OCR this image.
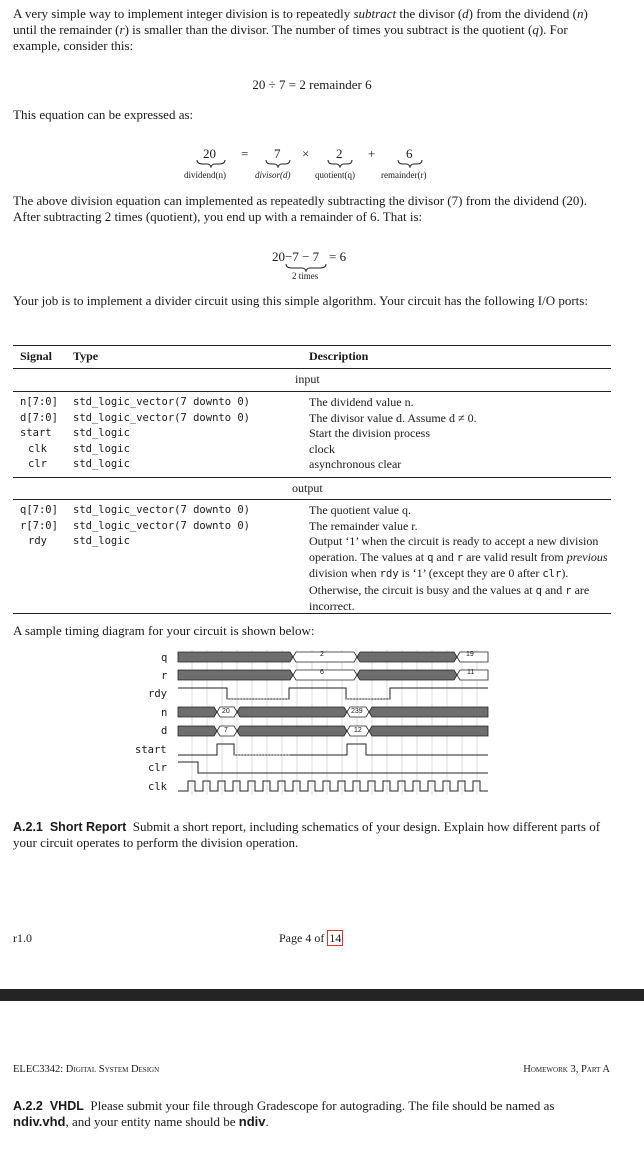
A very simple way to implement integer division is to repeatedly subtract the divisor (d) from the dividend (n) until the remainder (r) is smaller than the divisor. The number of times you subtract is the quotient (q). For example, consider this:
20 ÷ 7 = 2 remainder 6
This equation can be expressed as:
20 = 7 × 2 + 6
dividend(n)	divisor(d)	quotient(q)	remainder(r)
The above division equation can implemented as repeatedly subtracting the divisor (7) from the dividend (20). After subtracting 2 times (quotient), you end up with a remainder of 6. That is:
20 −7 − 7 = 6
2 times
Your job is to implement a divider circuit using this simple algorithm. Your circuit has the following I/O ports:
Signal Type	Description
input
n[7:0] std_logic_vector(7 downto 0)	The dividend value n.
d[7:0] std_logic_vector(7 downto 0)	The divisor value d. Assume d ≠ 0.
start std_logic	Start the division process
clk std_logic	clock
clr std_logic	asynchronous clear
output
q[7:0] std_logic_vector(7 downto 0)	The quotient value q.
r[7:0] std_logic_vector(7 downto 0)	The remainder value r.
rdy std_logic	Output ‘1’ when the circuit is ready to accept a new division operation. The values at q and r are valid result from previous division when rdy is ‘1’ (except they are 0 after clr). Otherwise, the circuit is busy and the values at q and r are incorrect.
A sample timing diagram for your circuit is shown below:
q
r
rdy
n
d
start
clr
clk
2	19
6	11
20	239
7	12
A.2.1 Short Report Submit a short report, including schematics of your design. Explain how different parts of your circuit operates to perform the division operation.
r1.0	Page 4 of 14
ELEC3342: Digital System Design	Homework 3, Part A
A.2.2 VHDL Please submit your file through Gradescope for autograding. The file should be named as ndiv.vhd, and your entity name should be ndiv.
